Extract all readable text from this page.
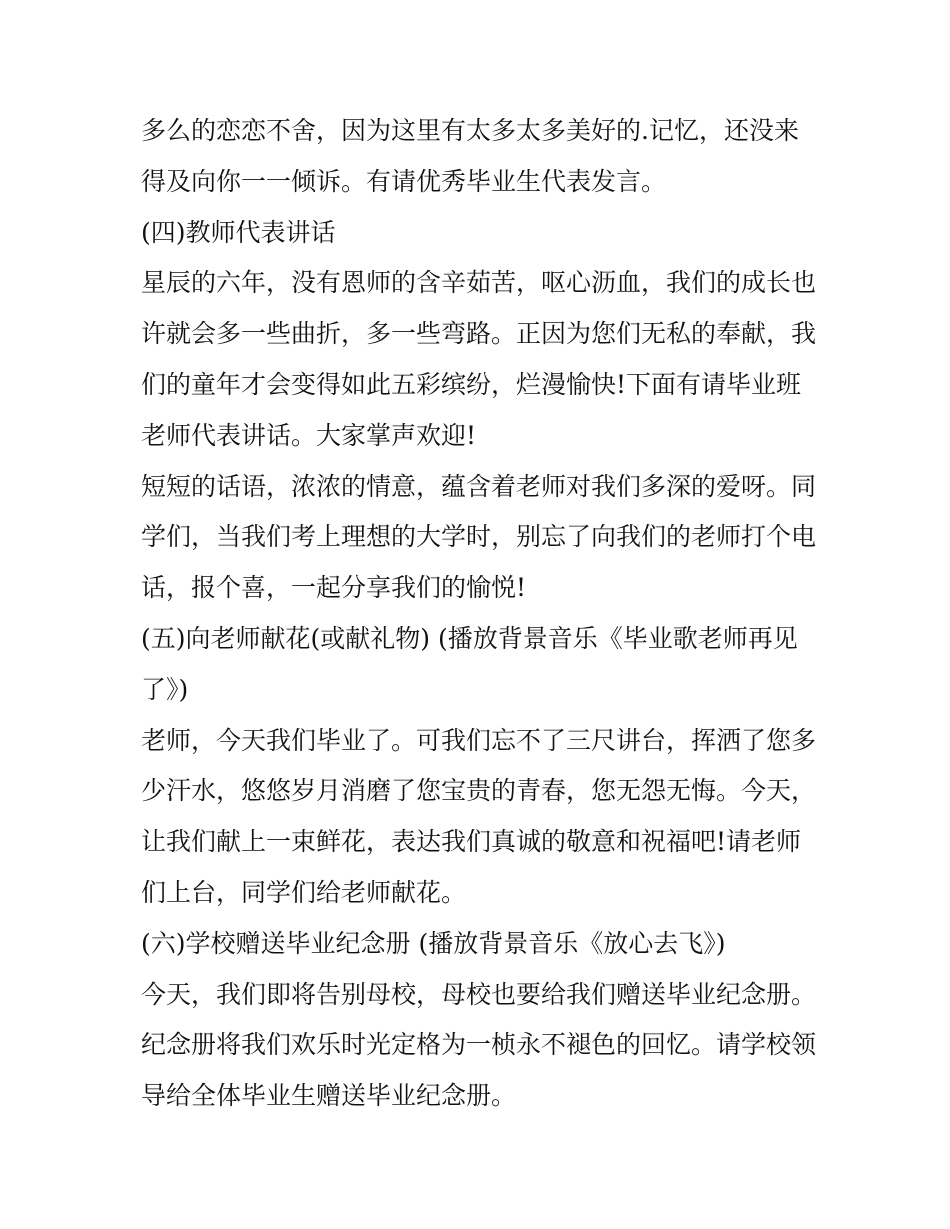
多么的恋恋不舍，因为这里有太多太多美好的.记忆，还没来
得及向你一一倾诉。有请优秀毕业生代表发言。
(四)教师代表讲话
星辰的六年，没有恩师的含辛茹苦，呕心沥血，我们的成长也
许就会多一些曲折，多一些弯路。正因为您们无私的奉献，我
们的童年才会变得如此五彩缤纷，烂漫愉快!下面有请毕业班
老师代表讲话。大家掌声欢迎!
短短的话语，浓浓的情意，蕴含着老师对我们多深的爱呀。同
学们，当我们考上理想的大学时，别忘了向我们的老师打个电
话，报个喜，一起分享我们的愉悦!
(五)向老师献花(或献礼物) (播放背景音乐《毕业歌老师再见
了》)
老师，今天我们毕业了。可我们忘不了三尺讲台，挥洒了您多
少汗水，悠悠岁月消磨了您宝贵的青春，您无怨无悔。今天，
让我们献上一束鲜花，表达我们真诚的敬意和祝福吧!请老师
们上台，同学们给老师献花。
(六)学校赠送毕业纪念册 (播放背景音乐《放心去飞》)
今天，我们即将告别母校，母校也要给我们赠送毕业纪念册。
纪念册将我们欢乐时光定格为一桢永不褪色的回忆。请学校领
导给全体毕业生赠送毕业纪念册。
